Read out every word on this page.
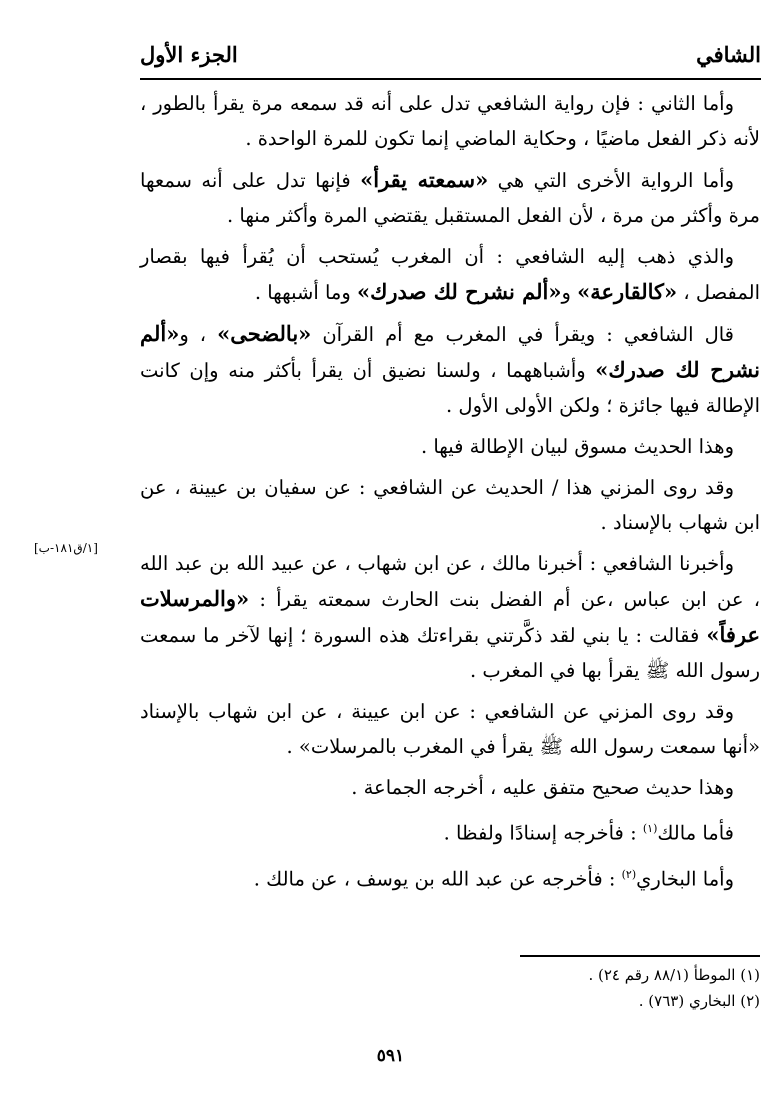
الشافي
الجزء الأول

وأما الثاني : فإن رواية الشافعي تدل على أنه قد سمعه مرة يقرأ بالطور ، لأنه ذكر الفعل ماضيًا ، وحكاية الماضي إنما تكون للمرة الواحدة .

وأما الرواية الأخرى التي هي «سمعته يقرأ» فإنها تدل على أنه سمعها مرة وأكثر من مرة ، لأن الفعل المستقبل يقتضي المرة وأكثر منها .

والذي ذهب إليه الشافعي : أن المغرب يُستحب أن يُقرأ فيها بقصار المفصل ، «كالقارعة» و«ألم نشرح لك صدرك» وما أشبهها .

قال الشافعي : ويقرأ في المغرب مع أم القرآن «بالضحى» ، و«ألم نشرح لك صدرك» وأشباههما ، ولسنا نضيق أن يقرأ بأكثر منه وإن كانت الإطالة فيها جائزة ؛ ولكن الأولى الأول .

وهذا الحديث مسوق لبيان الإطالة فيها .

وقد روى المزني هذا / الحديث عن الشافعي : عن سفيان بن عيينة ، عن ابن شهاب بالإسناد .

وأخبرنا الشافعي : أخبرنا مالك ، عن ابن شهاب ، عن عبيد الله بن عبد الله ، عن ابن عباس ،عن أم الفضل بنت الحارث سمعته يقرأ : «والمرسلات عرفاً» فقالت : يا بني لقد ذكَّرتني بقراءتك هذه السورة ؛ إنها لآخر ما سمعت رسول الله ﷺ يقرأ بها في المغرب .

وقد روى المزني عن الشافعي : عن ابن عيينة ، عن ابن شهاب بالإسناد «أنها سمعت رسول الله ﷺ يقرأ في المغرب بالمرسلات» .

وهذا حديث صحيح متفق عليه ، أخرجه الجماعة .

فأما مالك$^{(١)}$ : فأخرجه إسنادًا ولفظا .

وأما البخاري$^{(٢)}$ : فأخرجه عن عبد الله بن يوسف ، عن مالك .

[١/ق١٨١-ب]
(١) الموطأ (٨٨/١ رقم ٢٤) .
(٢) البخاري (٧٦٣) .
٥٩١
